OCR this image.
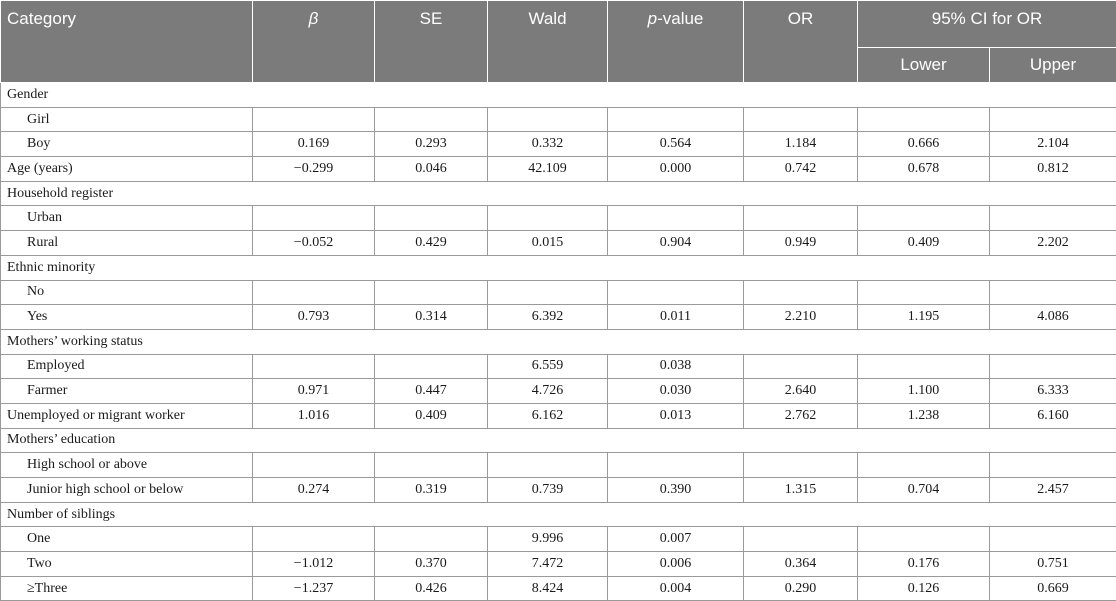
Category	β	SE	Wald	p-value	OR	95% CI for OR	
						Lower	Upper
Gender							
Girl							
Boy	0.169	0.293	0.332	0.564	1.184	0.666	2.104
Age (years)	−0.299	0.046	42.109	0.000	0.742	0.678	0.812
Household register							
Urban							
Rural	−0.052	0.429	0.015	0.904	0.949	0.409	2.202
Ethnic minority							
No							
Yes	0.793	0.314	6.392	0.011	2.210	1.195	4.086
Mothers’ working status							
Employed			6.559	0.038			
Farmer	0.971	0.447	4.726	0.030	2.640	1.100	6.333
Unemployed or migrant worker	1.016	0.409	6.162	0.013	2.762	1.238	6.160
Mothers’ education							
High school or above							
Junior high school or below	0.274	0.319	0.739	0.390	1.315	0.704	2.457
Number of siblings							
One			9.996	0.007			
Two	−1.012	0.370	7.472	0.006	0.364	0.176	0.751
≥Three	−1.237	0.426	8.424	0.004	0.290	0.126	0.669
